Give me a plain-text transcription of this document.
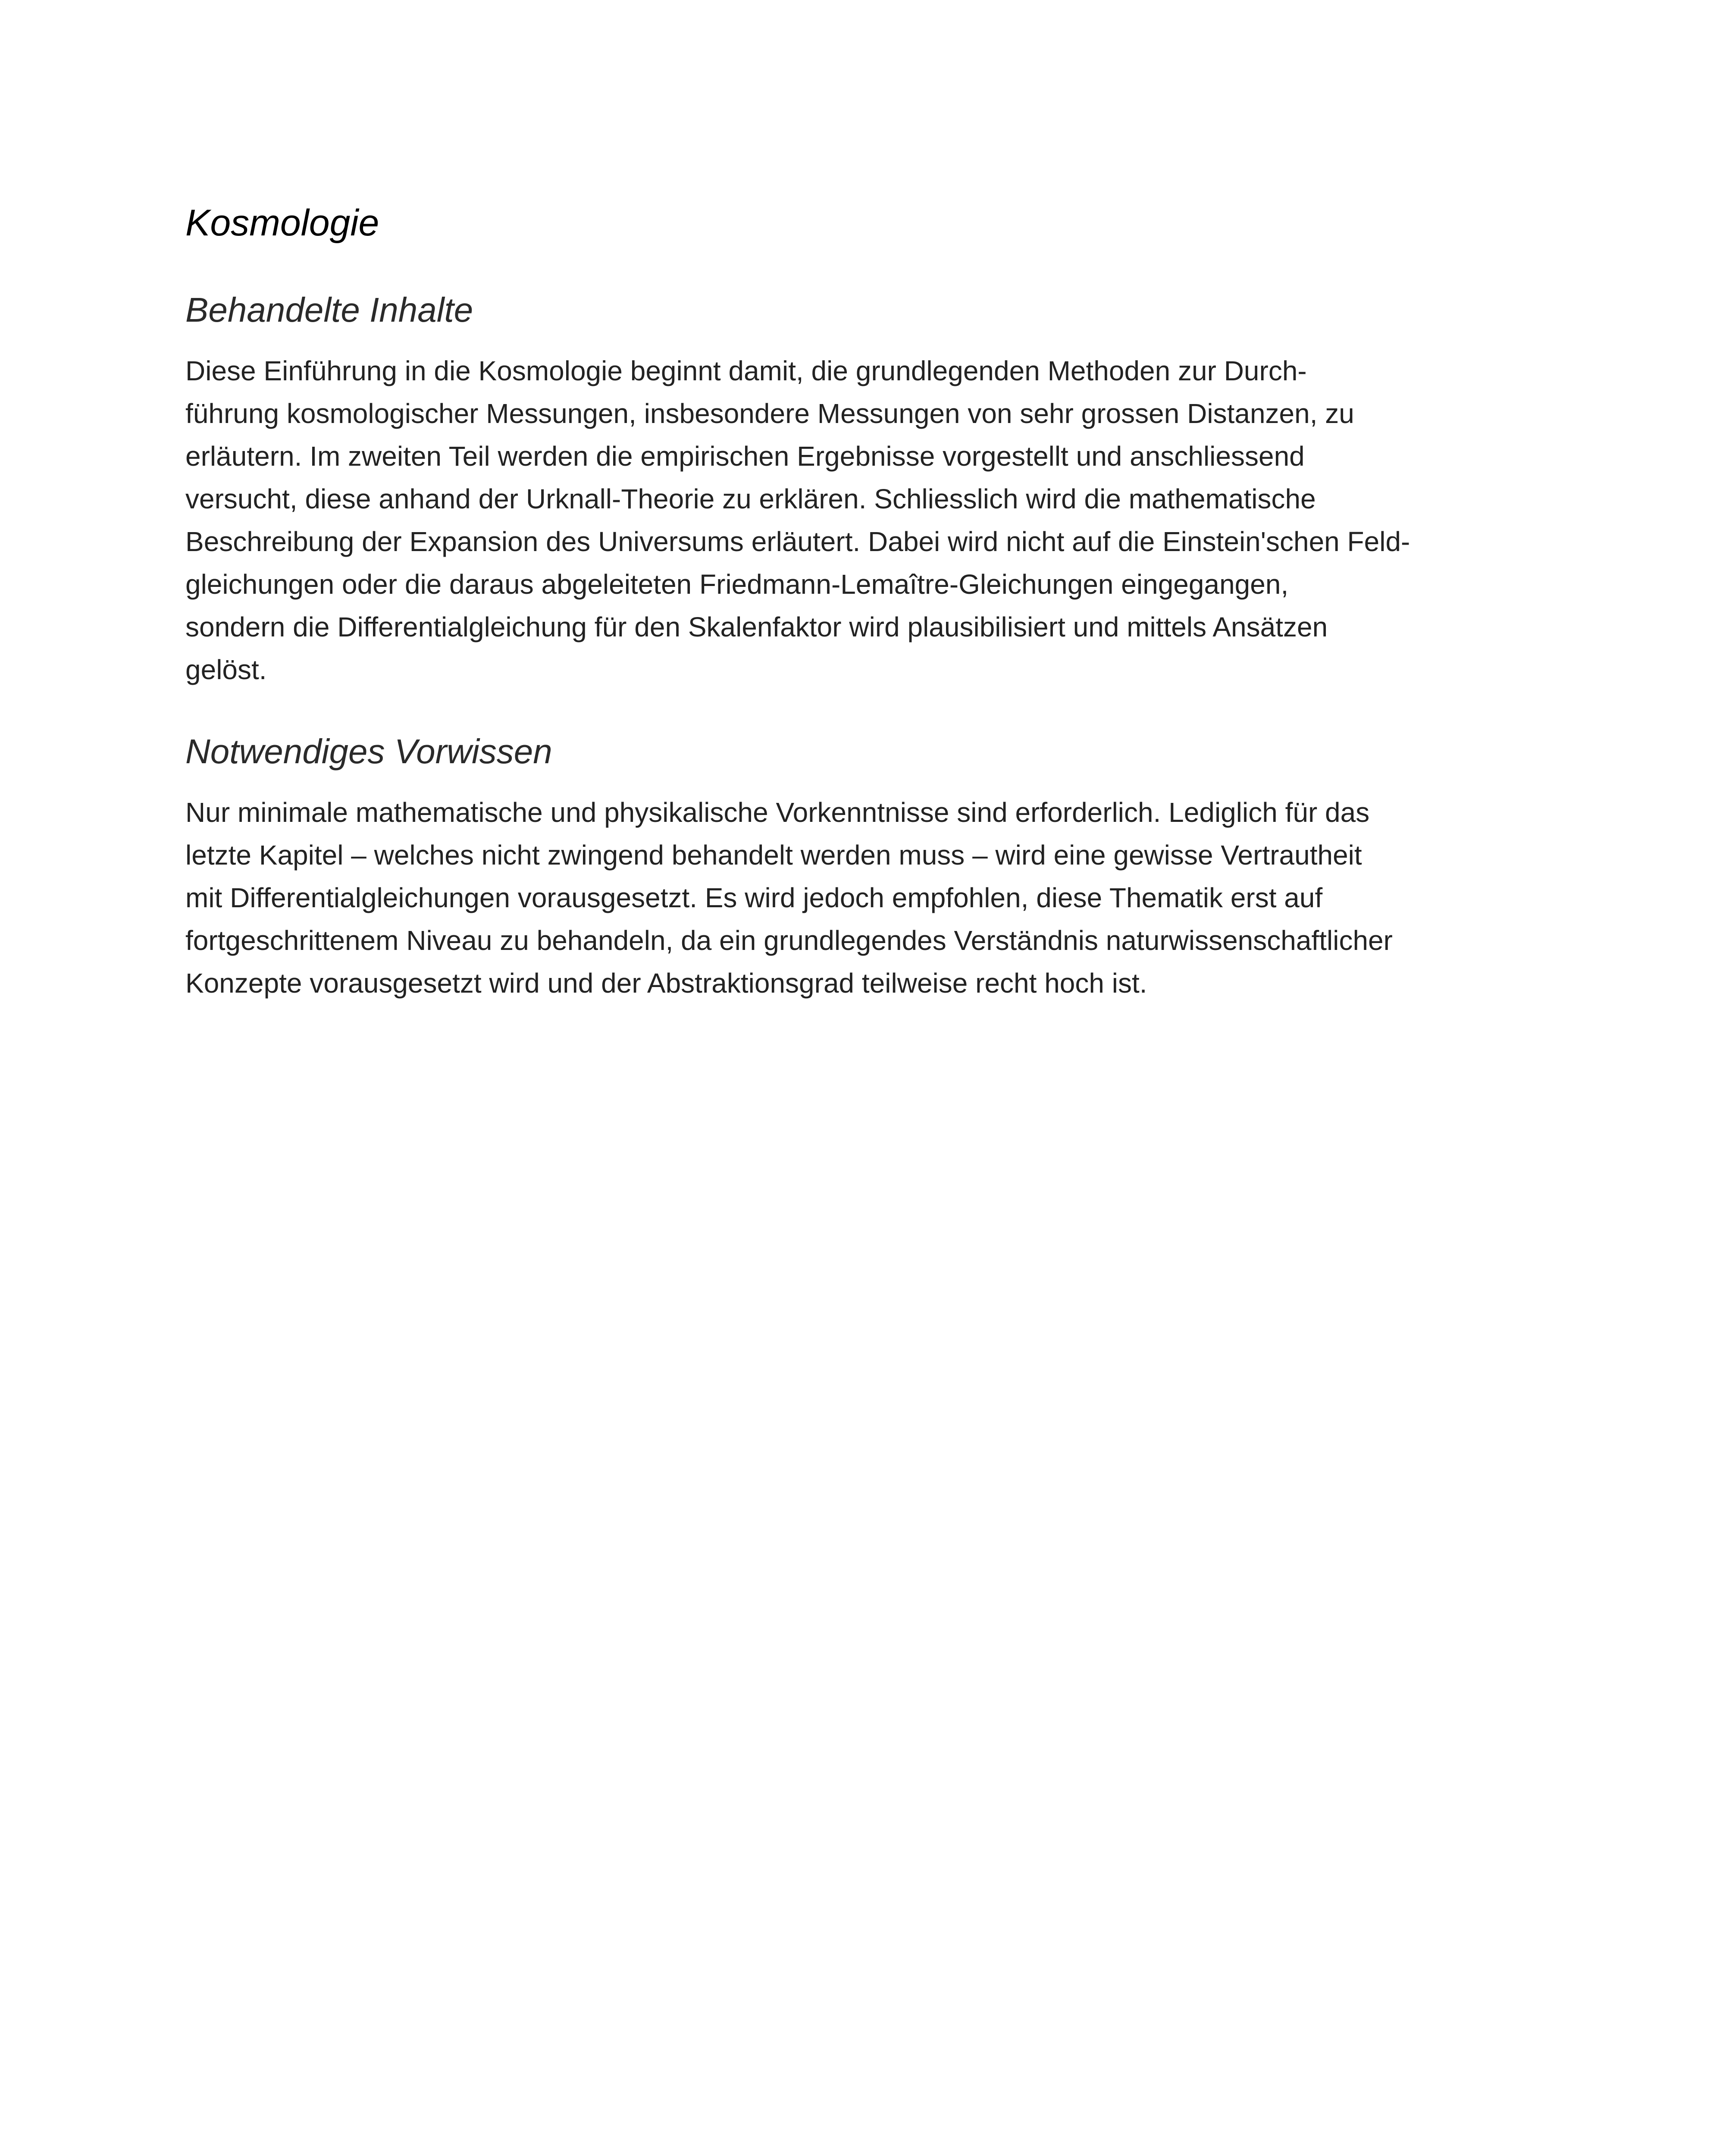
Kosmologie
Behandelte Inhalte

Diese Einführung in die Kosmologie beginnt damit, die grundlegenden Methoden zur Durch-
führung kosmologischer Messungen, insbesondere Messungen von sehr grossen Distanzen, zu
erläutern. Im zweiten Teil werden die empirischen Ergebnisse vorgestellt und anschliessend
versucht, diese anhand der Urknall-Theorie zu erklären. Schliesslich wird die mathematische
Beschreibung der Expansion des Universums erläutert. Dabei wird nicht auf die Einstein'schen Feld-
gleichungen oder die daraus abgeleiteten Friedmann-Lemaître-Gleichungen eingegangen,
sondern die Differentialgleichung für den Skalenfaktor wird plausibilisiert und mittels Ansätzen
gelöst.

Notwendiges Vorwissen

Nur minimale mathematische und physikalische Vorkenntnisse sind erforderlich. Lediglich für das
letzte Kapitel – welches nicht zwingend behandelt werden muss – wird eine gewisse Vertrautheit
mit Differentialgleichungen vorausgesetzt. Es wird jedoch empfohlen, diese Thematik erst auf
fortgeschrittenem Niveau zu behandeln, da ein grundlegendes Verständnis naturwissenschaftlicher
Konzepte vorausgesetzt wird und der Abstraktionsgrad teilweise recht hoch ist.
